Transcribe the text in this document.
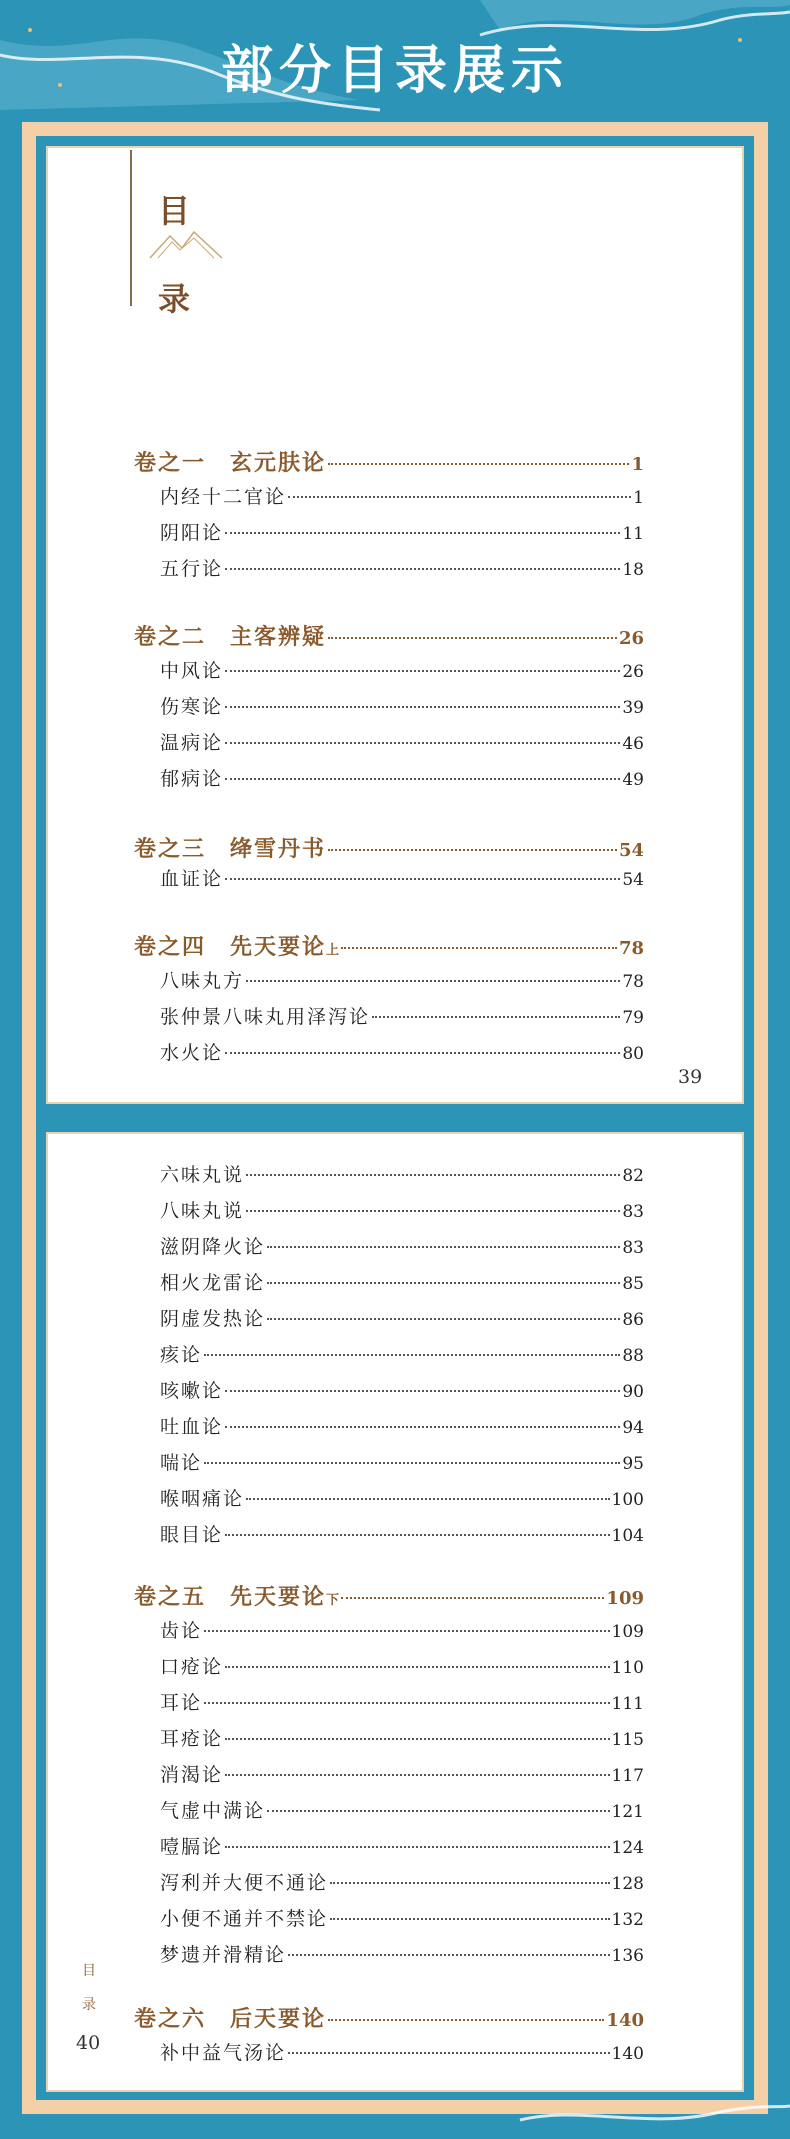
部分目录展示
目
录
卷之一　玄元肤论	1
内经十二官论	1
阴阳论	11
五行论	18
卷之二　主客辨疑	26
中风论	26
伤寒论	39
温病论	46
郁病论	49
卷之三　绛雪丹书	54
血证论	54
卷之四　先天要论 上	78
八味丸方	78
张仲景八味丸用泽泻论	79
水火论	80
39
六味丸说	82
八味丸说	83
滋阴降火论	83
相火龙雷论	85
阴虚发热论	86
痎论	88
咳嗽论	90
吐血论	94
喘论	95
喉咽痛论	100
眼目论	104
卷之五　先天要论 下	109
齿论	109
口疮论	110
耳论	111
耳疮论	115
消渴论	117
气虚中满论	121
噎膈论	124
泻利并大便不通论	128
小便不通并不禁论	132
梦遗并滑精论	136
卷之六　后天要论	140
补中益气汤论	140
目
录
40
